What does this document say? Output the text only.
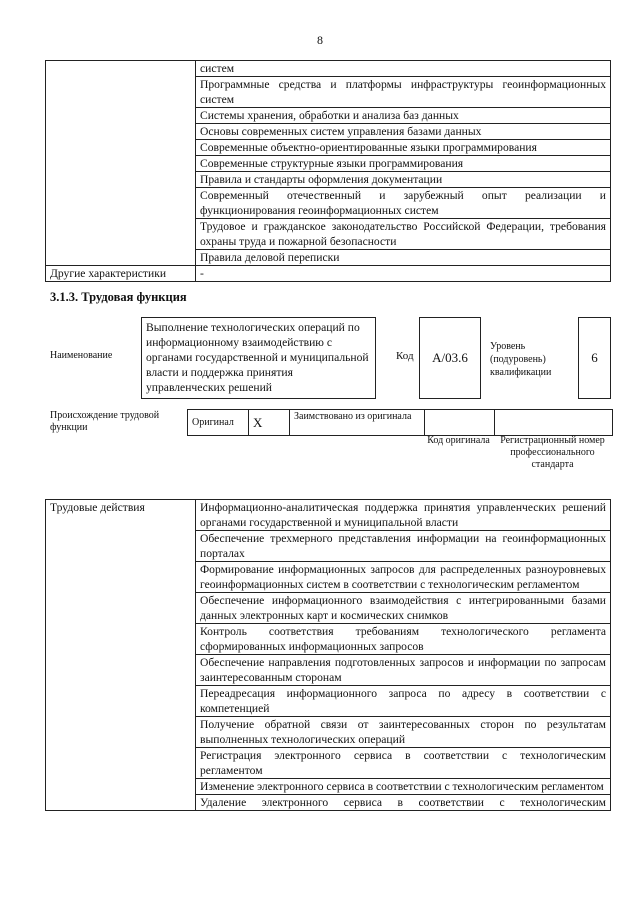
8
	систем
	Программные средства и платформы инфраструктуры геоинформационных систем
	Системы хранения, обработки и анализа баз данных
	Основы современных систем управления базами данных
	Современные объектно-ориентированные языки программирования
	Современные структурные языки программирования
	Правила и стандарты оформления документации
	Современный отечественный и зарубежный опыт реализации и функционирования геоинформационных систем
	Трудовое и гражданское законодательство Российской Федерации, требования охраны труда и пожарной безопасности
	Правила деловой переписки
Другие характеристики	-
3.1.3. Трудовая функция
Наименование
Выполнение технологических операций по информационному взаимодействию с органами государственной и муниципальной власти и поддержка принятия управленческих решений
Код	А/03.6
Уровень (подуровень) квалификации
6
Происхождение трудовой функции	Оригинал	Х	Заимствовано из оригинала		
Код оригинала	Регистрационный номер профессионального стандарта
Трудовые действия	Информационно-аналитическая поддержка принятия управленческих решений органами государственной и муниципальной власти
Обеспечение трехмерного представления информации на геоинформационных порталах
Формирование информационных запросов для распределенных разноуровневых геоинформационных систем в соответствии с технологическим регламентом
Обеспечение информационного взаимодействия с интегрированными базами данных электронных карт и космических снимков
Контроль соответствия требованиям технологического регламента сформированных информационных запросов
Обеспечение направления подготовленных запросов и информации по запросам заинтересованным сторонам
Переадресация информационного запроса по адресу в соответствии с компетенцией
Получение обратной связи от заинтересованных сторон по результатам выполненных технологических операций
Регистрация электронного сервиса в соответствии с технологическим регламентом
Изменение электронного сервиса в соответствии с технологическим регламентом
Удаление электронного сервиса в соответствии с технологическим
